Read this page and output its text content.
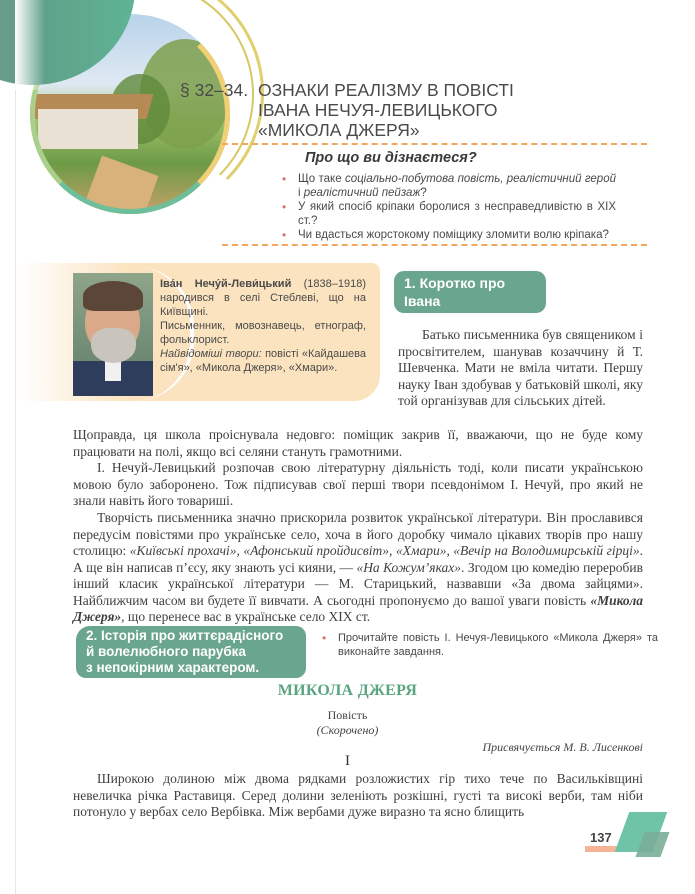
§ 32–34. ОЗНАКИ РЕАЛІЗМУ В ПОВІСТІ
ІВАНА НЕЧУЯ-ЛЕВИЦЬКОГО
«МИКОЛА ДЖЕРЯ»
Про що ви дізнаєтеся?
• Що таке соціально-побутова повість, реалістичний герой і реалістичний пейзаж?
• У який спосіб кріпаки боролися з несправедливістю в XIX ст.?
• Чи вдасться жорстокому поміщику зломити волю кріпака?
Іва́н Нечу́й-Леви́цький (1838–1918) народився в селі Стеблеві, що на Київщині.
Письменник, мовознавець, етнограф, фольклорист.
Найвідоміші твори: повісті «Кайдашева сім'я», «Микола Джеря», «Хмари».
1. Коротко про Івана
Нечуя-Левицького.
Батько письменника був священиком і просвітителем, шанував козаччину й Т. Шевченка. Мати не вміла читати. Першу науку Іван здобував у батьковій школі, яку той організував для сільських дітей.
Щоправда, ця школа проіснувала недовго: поміщик закрив її, вважаючи, що не буде кому працювати на полі, якщо всі селяни стануть грамотними.
І. Нечуй-Левицький розпочав свою літературну діяльність тоді, коли писати українською мовою було заборонено. Тож підписував свої перші твори псевдонімом І. Нечуй, про який не знали навіть його товариші.
Творчість письменника значно прискорила розвиток української літератури. Він прославився передусім повістями про українське село, хоча в його доробку чимало цікавих творів про нашу столицю: «Київські прохачі», «Афонський пройдисвіт», «Хмари», «Вечір на Володимирській гірці». А ще він написав п’єсу, яку знають усі кияни, — «На Кожум’яках». Згодом цю комедію переробив інший класик української літератури — М. Старицький, назвавши «За двома зайцями». Найближчим часом ви будете її вивчати. А сьогодні пропонуємо до вашої уваги повість «Микола Джеря», що перенесе вас в українське село XIX ст.
2. Історія про життєрадісного
й волелюбного парубка
з непокірним характером.
• Прочитайте повість І. Нечуя-Левицького «Микола Джеря» та виконайте завдання.
МИКОЛА ДЖЕРЯ
Повість
(Скорочено)
Присвячується М. В. Лисенкові
І
Широкою долиною між двома рядками розложистих гір тихо тече по Васильківщині невеличка річка Раставиця. Серед долини зеленіють розкішні, густі та високі верби, там ніби потонуло у вербах село Вербівка. Між вербами дуже виразно та ясно блищить
137
